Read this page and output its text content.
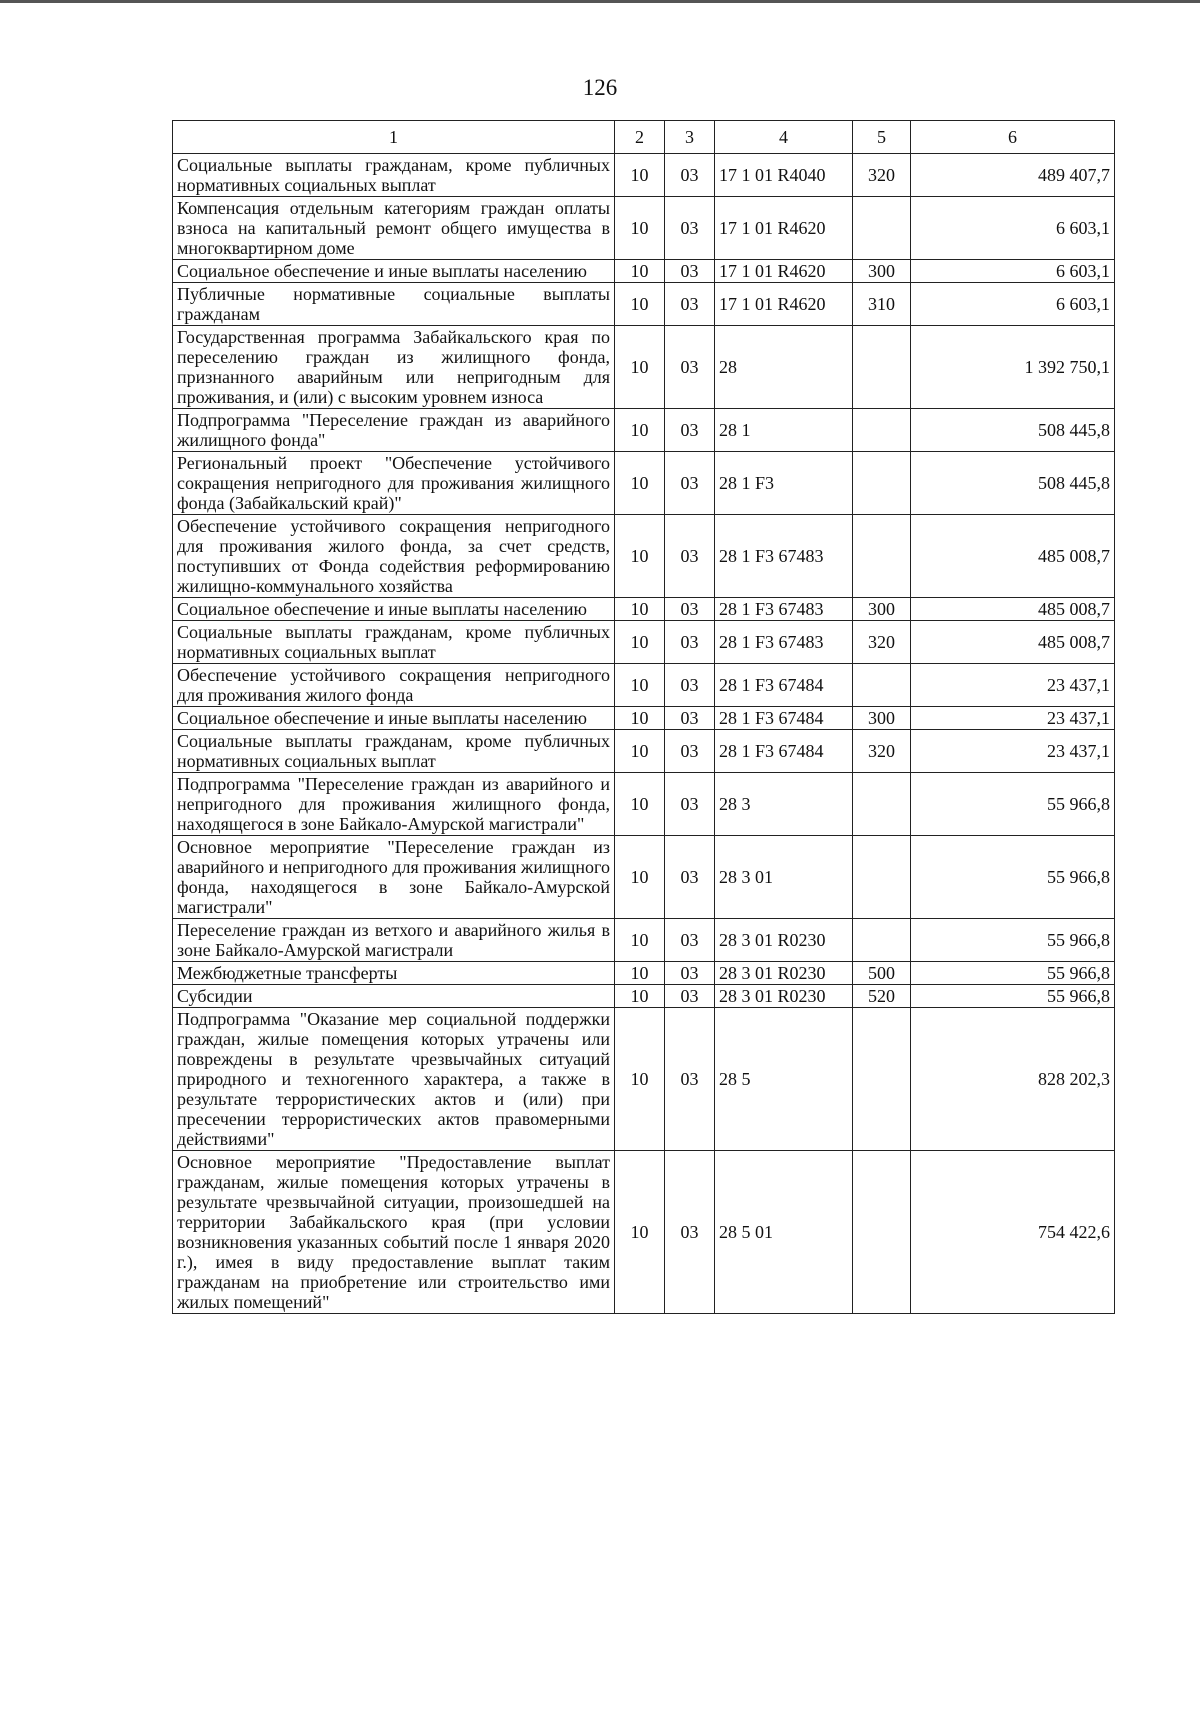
126
1	2	3	4	5	6
Социальные выплаты гражданам, кроме публичных нормативных социальных выплат	10	03	17 1 01 R4040	320	489 407,7
Компенсация отдельным категориям граждан оплаты взноса на капитальный ремонт общего имущества в многоквартирном доме	10	03	17 1 01 R4620		6 603,1
Социальное обеспечение и иные выплаты населению	10	03	17 1 01 R4620	300	6 603,1
Публичные нормативные социальные выплаты гражданам	10	03	17 1 01 R4620	310	6 603,1
Государственная программа Забайкальского края по переселению граждан из жилищного фонда, признанного аварийным или непригодным для проживания, и (или) с высоким уровнем износа	10	03	28		1 392 750,1
Подпрограмма "Переселение граждан из аварийного жилищного фонда"	10	03	28 1		508 445,8
Региональный проект "Обеспечение устойчивого сокращения непригодного для проживания жилищного фонда (Забайкальский край)"	10	03	28 1 F3		508 445,8
Обеспечение устойчивого сокращения непригодного для проживания жилого фонда, за счет средств, поступивших от Фонда содействия реформированию жилищно-коммунального хозяйства	10	03	28 1 F3 67483		485 008,7
Социальное обеспечение и иные выплаты населению	10	03	28 1 F3 67483	300	485 008,7
Социальные выплаты гражданам, кроме публичных нормативных социальных выплат	10	03	28 1 F3 67483	320	485 008,7
Обеспечение устойчивого сокращения непригодного для проживания жилого фонда	10	03	28 1 F3 67484		23 437,1
Социальное обеспечение и иные выплаты населению	10	03	28 1 F3 67484	300	23 437,1
Социальные выплаты гражданам, кроме публичных нормативных социальных выплат	10	03	28 1 F3 67484	320	23 437,1
Подпрограмма "Переселение граждан из аварийного и непригодного для проживания жилищного фонда, находящегося в зоне Байкало-Амурской магистрали"	10	03	28 3		55 966,8
Основное мероприятие "Переселение граждан из аварийного и непригодного для проживания жилищного фонда, находящегося в зоне Байкало-Амурской магистрали"	10	03	28 3 01		55 966,8
Переселение граждан из ветхого и аварийного жилья в зоне Байкало-Амурской магистрали	10	03	28 3 01 R0230		55 966,8
Межбюджетные трансферты	10	03	28 3 01 R0230	500	55 966,8
Субсидии	10	03	28 3 01 R0230	520	55 966,8
Подпрограмма "Оказание мер социальной поддержки граждан, жилые помещения которых утрачены или повреждены в результате чрезвычайных ситуаций природного и техногенного характера, а также в результате террористических актов и (или) при пресечении террористических актов правомерными действиями"	10	03	28 5		828 202,3
Основное мероприятие "Предоставление выплат гражданам, жилые помещения которых утрачены в результате чрезвычайной ситуации, произошедшей на территории Забайкальского края (при условии возникновения указанных событий после 1 января 2020 г.), имея в виду предоставление выплат таким гражданам на приобретение или строительство ими жилых помещений"	10	03	28 5 01		754 422,6
